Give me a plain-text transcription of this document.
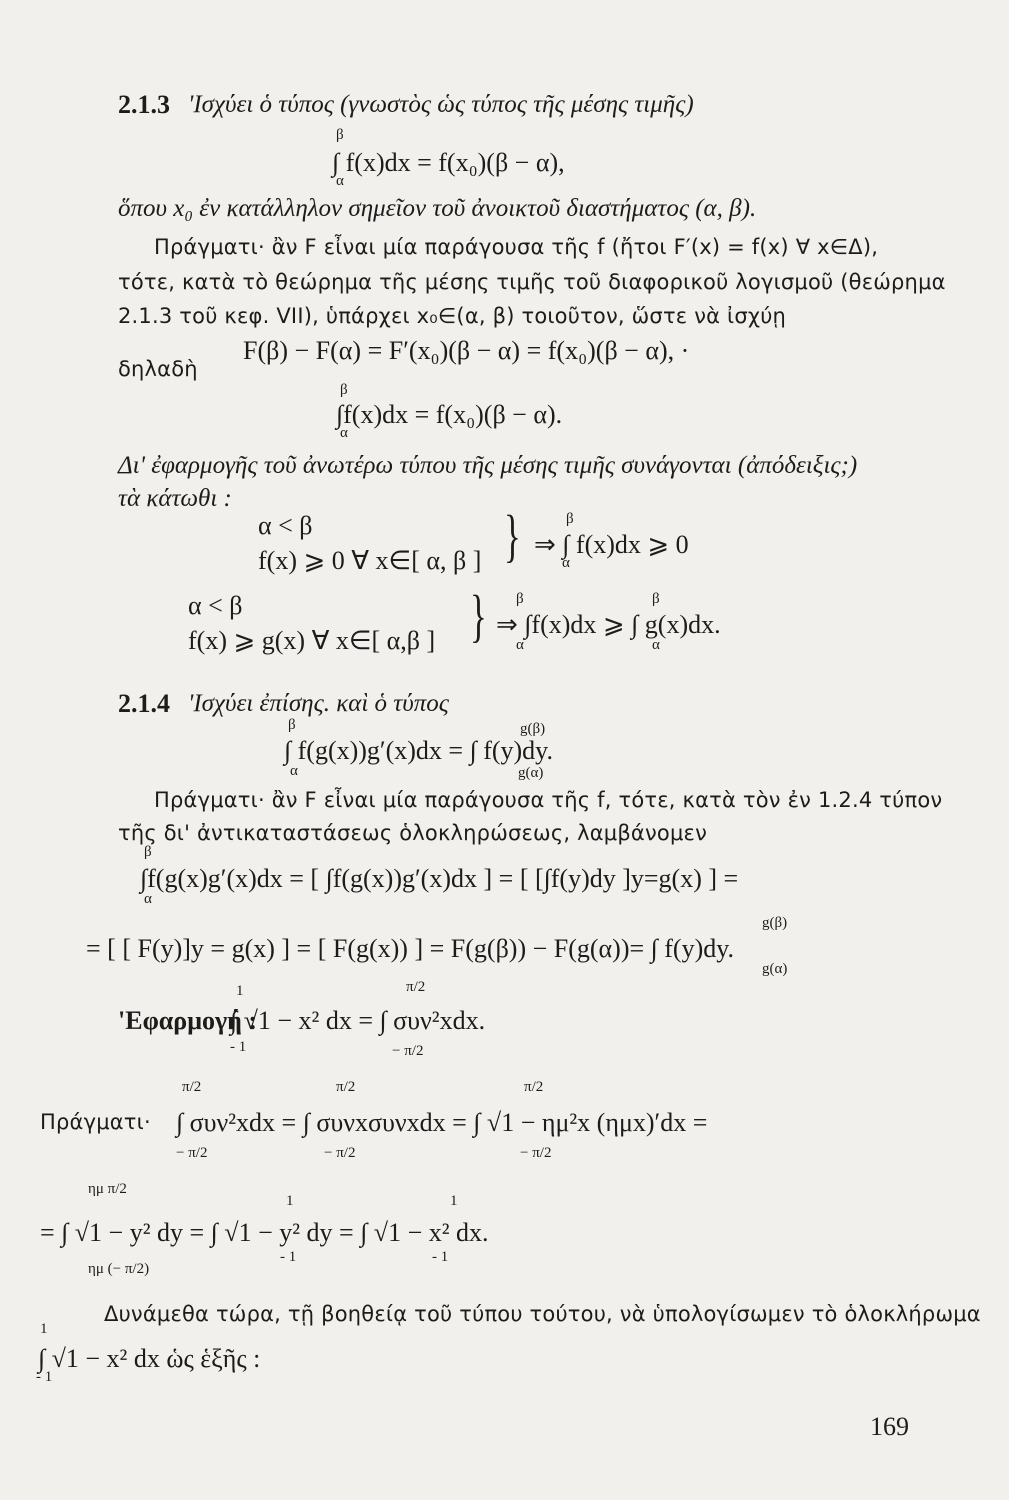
2.1.3 'Ισχύει ὁ τύπος (γνωστὸς ὡς τύπος τῆς μέσης τιμῆς)
β
∫ f(x)dx = f(x₀)(β − α),
α
ὅπου x₀ ἐν κατάλληλον σημεῖον τοῦ ἀνοικτοῦ διαστήματος (α, β).
Πράγματι· ἂν F εἶναι μία παράγουσα τῆς f (ἤτοι F′(x) = f(x) ∀ x∈Δ),
τότε, κατὰ τὸ θεώρημα τῆς μέσης τιμῆς τοῦ διαφορικοῦ λογισμοῦ (θεώρημα
2.1.3 τοῦ κεφ. VII), ὑπάρχει x₀∈(α, β) τοιοῦτον, ὥστε νὰ ἰσχύῃ
F(β) − F(α) = F′(x₀)(β − α) = f(x₀)(β − α), ·
δηλαδὴ
β
∫f(x)dx = f(x₀)(β − α).
α
Δι' ἐφαρμογῆς τοῦ ἀνωτέρω τύπου τῆς μέσης τιμῆς συνάγονται (ἀπόδειξις;)
τὰ κάτωθι :
α < β
f(x) ⩾ 0 ∀ x∈[ α, β ] }	β
⇒ ∫ f(x)dx ⩾ 0
α
α < β
f(x) ⩾ g(x) ∀ x∈[ α,β ] } β	β
⇒ ∫f(x)dx ⩾ ∫ g(x)dx.
α	α
2.1.4 'Ισχύει ἐπίσης. καὶ ὁ τύπος
β	g(β)
∫ f(g(x))g′(x)dx = ∫ f(y)dy.
α	g(α)
Πράγματι· ἂν F εἶναι μία παράγουσα τῆς f, τότε, κατὰ τὸν ἐν 1.2.4 τύπον
τῆς δι' ἀντικαταστάσεως ὁλοκληρώσεως, λαμβάνομεν
β
∫f(g(x)g′(x)dx = [ ∫f(g(x))g′(x)dx ] = [ [∫f(y)dy ]y=g(x) ] =
α
g(β)
= [ [ F(y)]y = g(x) ] = [ F(g(x)) ] = F(g(β)) − F(g(α))= ∫ f(y)dy.
g(α)
π/2
1
'Εφαρμογή :
∫ √1 − x² dx = ∫ συν²xdx.
- 1	− π/2
π/2	π/2	π/2
Πράγματι· ∫ συν²xdx = ∫ συνxσυνxdx = ∫ √1 − ημ²x (ημx)′dx =
− π/2	− π/2	− π/2
ημ π/2
1	1
= ∫ √1 − y² dy = ∫ √1 − y² dy = ∫ √1 − x² dx.
- 1	- 1
ημ (− π/2)
Δυνάμεθα τώρα, τῇ βοηθείᾳ τοῦ τύπου τούτου, νὰ ὑπολογίσωμεν τὸ ὁλοκλήρωμα
1
∫ √1 − x² dx ὡς ἑξῆς :
- 1
169
